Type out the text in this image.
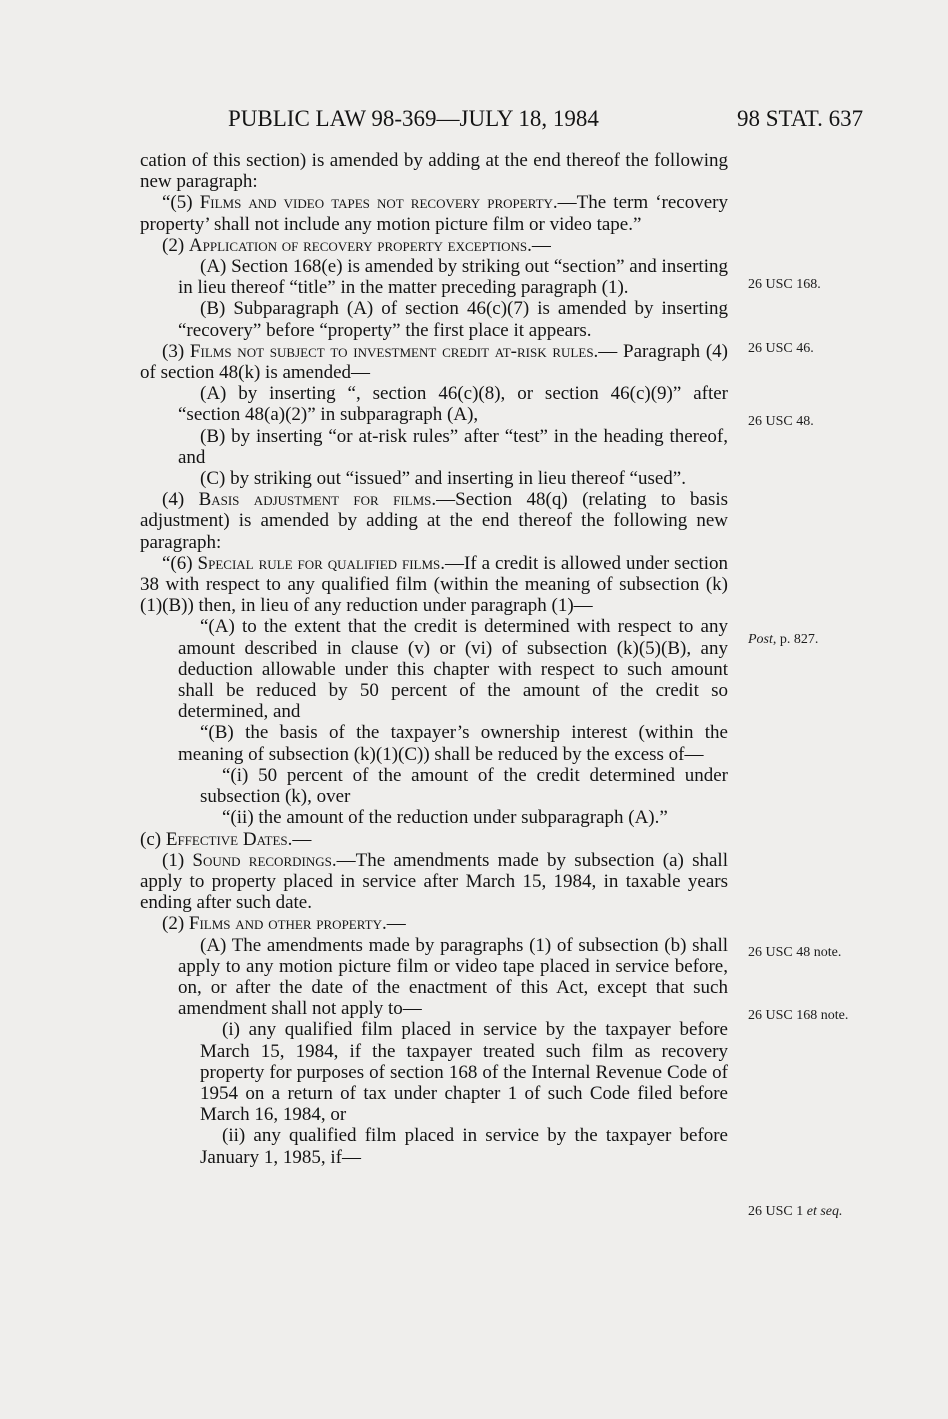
PUBLIC LAW 98-369—JULY 18, 1984	98 STAT. 637

cation of this section) is amended by adding at the end thereof the following new paragraph:

“(5) Films and video tapes not recovery property.—The term ‘recovery property’ shall not include any motion picture film or video tape.”

(2) Application of recovery property exceptions.—

(A) Section 168(e) is amended by striking out “section” and inserting in lieu thereof “title” in the matter preceding paragraph (1).

(B) Subparagraph (A) of section 46(c)(7) is amended by inserting “recovery” before “property” the first place it appears.

(3) Films not subject to investment credit at-risk rules.— Paragraph (4) of section 48(k) is amended—

(A) by inserting “, section 46(c)(8), or section 46(c)(9)” after “section 48(a)(2)” in subparagraph (A),

(B) by inserting “or at-risk rules” after “test” in the heading thereof, and

(C) by striking out “issued” and inserting in lieu thereof “used”.

(4) Basis adjustment for films.—Section 48(q) (relating to basis adjustment) is amended by adding at the end thereof the following new paragraph:

“(6) Special rule for qualified films.—If a credit is allowed under section 38 with respect to any qualified film (within the meaning of subsection (k)(1)(B)) then, in lieu of any reduction under paragraph (1)—

“(A) to the extent that the credit is determined with respect to any amount described in clause (v) or (vi) of subsection (k)(5)(B), any deduction allowable under this chapter with respect to such amount shall be reduced by 50 percent of the amount of the credit so determined, and

“(B) the basis of the taxpayer’s ownership interest (within the meaning of subsection (k)(1)(C)) shall be reduced by the excess of—

“(i) 50 percent of the amount of the credit determined under subsection (k), over

“(ii) the amount of the reduction under subparagraph (A).”

(c) Effective Dates.—

(1) Sound recordings.—The amendments made by subsection (a) shall apply to property placed in service after March 15, 1984, in taxable years ending after such date.

(2) Films and other property.—

(A) The amendments made by paragraphs (1) of subsection (b) shall apply to any motion picture film or video tape placed in service before, on, or after the date of the enactment of this Act, except that such amendment shall not apply to—

(i) any qualified film placed in service by the taxpayer before March 15, 1984, if the taxpayer treated such film as recovery property for purposes of section 168 of the Internal Revenue Code of 1954 on a return of tax under chapter 1 of such Code filed before March 16, 1984, or

(ii) any qualified film placed in service by the taxpayer before January 1, 1985, if—

26 USC 168.
26 USC 46.
26 USC 48.
Post, p. 827.
26 USC 48 note.
26 USC 168 note.
26 USC 1 et seq.
